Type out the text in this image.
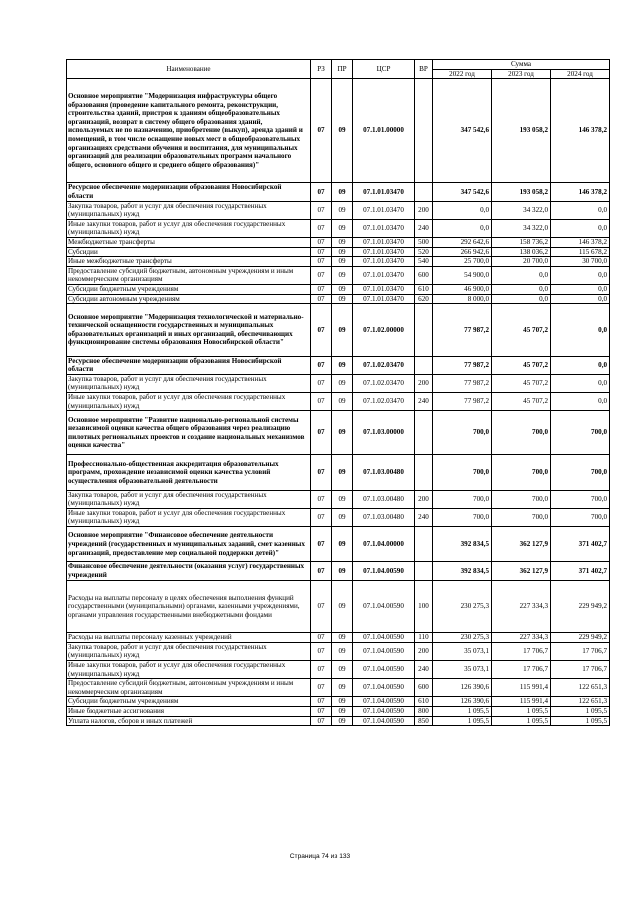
Наименование	РЗ	ПР	ЦСР	ВР	Сумма		
					2022 год	2023 год	2024 год
Основное мероприятие "Модернизация инфраструктуры общего образования (проведение капитального ремонта, реконструкции, строительства зданий, пристроя к зданиям общеобразовательных организаций, возврат в систему общего образования зданий, используемых не по назначению, приобретение (выкуп), аренда зданий и помещений, в том числе оснащение новых мест в общеобразовательных организациях средствами обучения и воспитания, для муниципальных организаций для реализации образовательных программ начального общего, основного общего и среднего общего образования)"	07	09	07.1.01.00000		347 542,6	193 058,2	146 378,2
Ресурсное обеспечение модернизации образования Новосибирской области	07	09	07.1.01.03470		347 542,6	193 058,2	146 378,2
Закупка товаров, работ и услуг для обеспечения государственных (муниципальных) нужд	07	09	07.1.01.03470	200	0,0	34 322,0	0,0
Иные закупки товаров, работ и услуг для обеспечения государственных (муниципальных) нужд	07	09	07.1.01.03470	240	0,0	34 322,0	0,0
Межбюджетные трансферты	07	09	07.1.01.03470	500	292 642,6	158 736,2	146 378,2
Субсидии	07	09	07.1.01.03470	520	266 942,6	138 036,2	115 678,2
Иные межбюджетные трансферты	07	09	07.1.01.03470	540	25 700,0	20 700,0	30 700,0
Предоставление субсидий бюджетным, автономным учреждениям и иным некоммерческим организациям	07	09	07.1.01.03470	600	54 900,0	0,0	0,0
Субсидии бюджетным учреждениям	07	09	07.1.01.03470	610	46 900,0	0,0	0,0
Субсидии автономным учреждениям	07	09	07.1.01.03470	620	8 000,0	0,0	0,0
Основное мероприятие "Модернизация технологической и материально-технической оснащенности государственных и муниципальных образовательных организаций и иных организаций, обеспечивающих функционирование системы образования Новосибирской области"	07	09	07.1.02.00000		77 987,2	45 707,2	0,0
Ресурсное обеспечение модернизации образования Новосибирской области	07	09	07.1.02.03470		77 987,2	45 707,2	0,0
Закупка товаров, работ и услуг для обеспечения государственных (муниципальных) нужд	07	09	07.1.02.03470	200	77 987,2	45 707,2	0,0
Иные закупки товаров, работ и услуг для обеспечения государственных (муниципальных) нужд	07	09	07.1.02.03470	240	77 987,2	45 707,2	0,0
Основное мероприятие "Развитие национально-региональной системы независимой оценки качества общего образования через реализацию пилотных региональных проектов и создание национальных механизмов оценки качества"	07	09	07.1.03.00000		700,0	700,0	700,0
Профессионально-общественная аккредитация образовательных программ, прохождение независимой оценки качества условий осуществления образовательной деятельности	07	09	07.1.03.00480		700,0	700,0	700,0
Закупка товаров, работ и услуг для обеспечения государственных (муниципальных) нужд	07	09	07.1.03.00480	200	700,0	700,0	700,0
Иные закупки товаров, работ и услуг для обеспечения государственных (муниципальных) нужд	07	09	07.1.03.00480	240	700,0	700,0	700,0
Основное мероприятие "Финансовое обеспечение деятельности учреждений (государственных и муниципальных заданий, смет казенных организаций, предоставление мер социальной поддержки детей)"	07	09	07.1.04.00000		392 834,5	362 127,9	371 402,7
Финансовое обеспечение деятельности (оказания услуг) государственных учреждений	07	09	07.1.04.00590		392 834,5	362 127,9	371 402,7
Расходы на выплаты персоналу в целях обеспечения выполнения функций государственными (муниципальными) органами, казенными учреждениями, органами управления государственными внебюджетными фондами	07	09	07.1.04.00590	100	230 275,3	227 334,3	229 949,2
Расходы на выплаты персоналу казенных учреждений	07	09	07.1.04.00590	110	230 275,3	227 334,3	229 949,2
Закупка товаров, работ и услуг для обеспечения государственных (муниципальных) нужд	07	09	07.1.04.00590	200	35 073,1	17 706,7	17 706,7
Иные закупки товаров, работ и услуг для обеспечения государственных (муниципальных) нужд	07	09	07.1.04.00590	240	35 073,1	17 706,7	17 706,7
Предоставление субсидий бюджетным, автономным учреждениям и иным некоммерческим организациям	07	09	07.1.04.00590	600	126 390,6	115 991,4	122 651,3
Субсидии бюджетным учреждениям	07	09	07.1.04.00590	610	126 390,6	115 991,4	122 651,3
Иные бюджетные ассигнования	07	09	07.1.04.00590	800	1 095,5	1 095,5	1 095,5
Уплата налогов, сборов и иных платежей	07	09	07.1.04.00590	850	1 095,5	1 095,5	1 095,5
Страница 74 из 133
